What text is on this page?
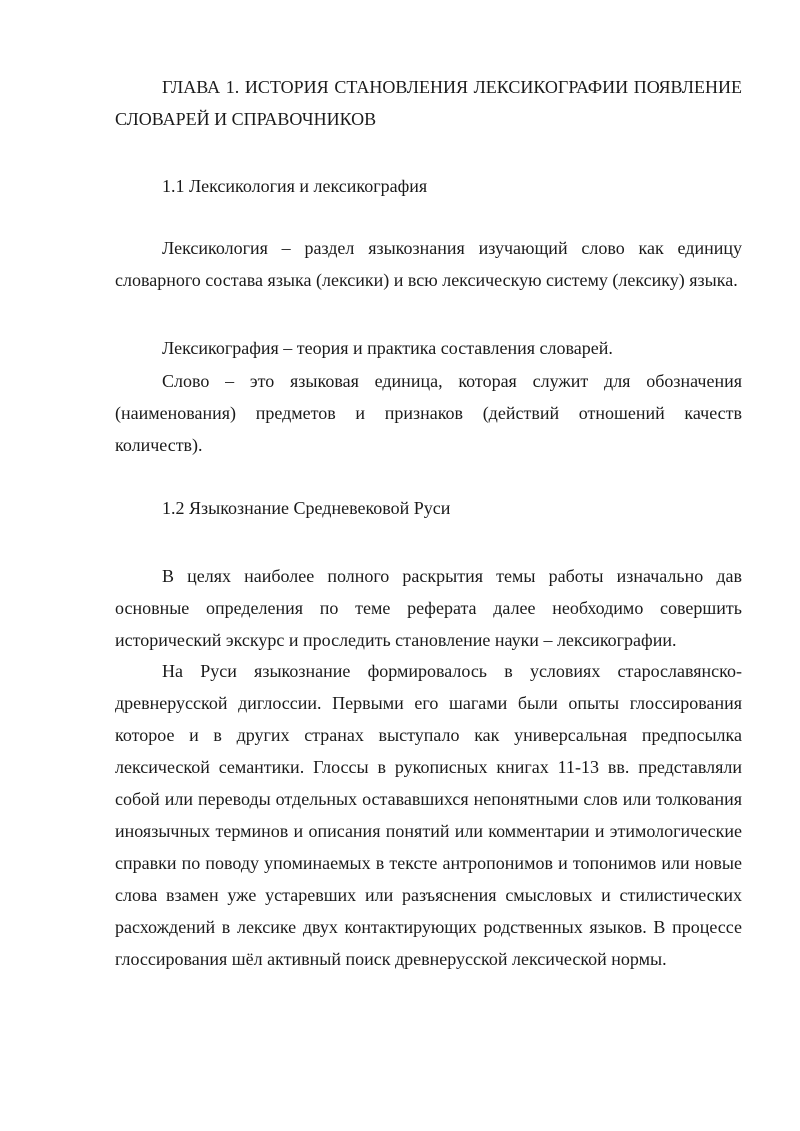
ГЛАВА 1. ИСТОРИЯ СТАНОВЛЕНИЯ ЛЕКСИКОГРАФИИ ПОЯВЛЕНИЕ СЛОВАРЕЙ И СПРАВОЧНИКОВ

1.1 Лексикология и лексикография

Лексикология – раздел языкознания изучающий слово как единицу словарного состава языка (лексики) и всю лексическую систему (лексику) языка.

Лексикография – теория и практика составления словарей.

Слово – это языковая единица, которая служит для обозначения (наименования) предметов и признаков (действий отношений качеств количеств).

1.2 Языкознание Средневековой Руси

В целях наиболее полного раскрытия темы работы изначально дав основные определения по теме реферата далее необходимо совершить исторический экскурс и проследить становление науки – лексикографии.

На Руси языкознание формировалось в условиях старославянско-древнерусской диглоссии. Первыми его шагами были опыты глоссирования которое и в других странах выступало как универсальная предпосылка лексической семантики. Глоссы в рукописных книгах 11-13 вв. представляли собой или переводы отдельных остававшихся непонятными слов или толкования иноязычных терминов и описания понятий или комментарии и этимологические справки по поводу упоминаемых в тексте антропонимов и топонимов или новые слова взамен уже устаревших или разъяснения смысловых и стилистических расхождений в лексике двух контактирующих родственных языков. В процессе глоссирования шёл активный поиск древнерусской лексической нормы.
